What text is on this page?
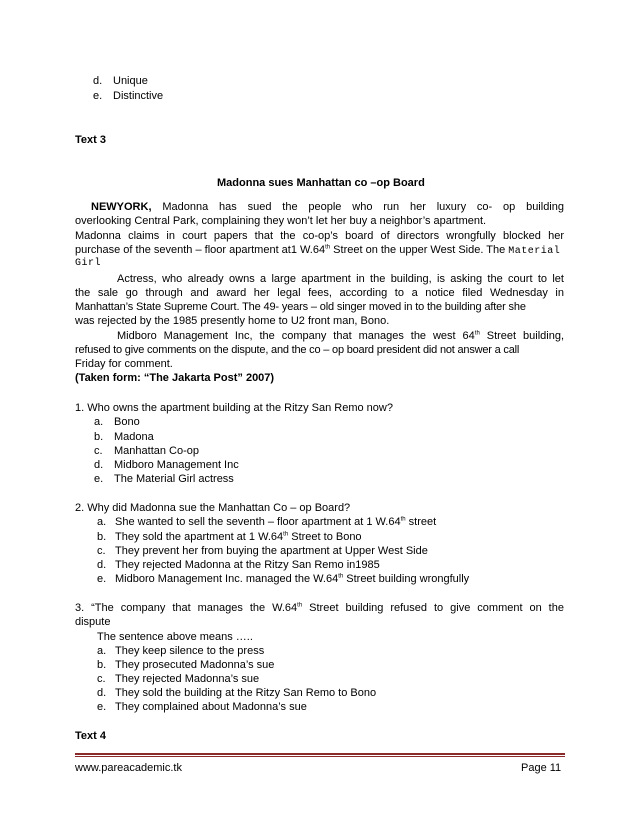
d. Unique
e. Distinctive
Text 3
Madonna sues Manhattan co –op Board
NEWYORK, Madonna has sued the people who run her luxury co- op building
overlooking Central Park, complaining they won’t let her buy a neighbor’s apartment.
Madonna claims in court papers that the co-op’s board of directors wrongfully blocked her
purchase of the seventh – floor apartment at1 W.64th Street on the upper West Side. The Material
Girl
Actress, who already owns a large apartment in the building, is asking the court to let
the sale go through and award her legal fees, according to a notice filed Wednesday in
Manhattan’s State Supreme Court. The 49- years – old singer moved in to the building after she
was rejected by the 1985 presently home to U2 front man, Bono.
Midboro Management Inc, the company that manages the west 64th Street building,
refused to give comments on the dispute, and the co – op board president did not answer a call
Friday for comment.
(Taken form: “The Jakarta Post” 2007)
1. Who owns the apartment building at the Ritzy San Remo now?
a. Bono
b. Madona
c. Manhattan Co-op
d. Midboro Management Inc
e. The Material Girl actress
2. Why did Madonna sue the Manhattan Co – op Board?
a. She wanted to sell the seventh – floor apartment at 1 W.64th street
b. They sold the apartment at 1 W.64th Street to Bono
c. They prevent her from buying the apartment at Upper West Side
d. They rejected Madonna at the Ritzy San Remo in1985
e. Midboro Management Inc. managed the W.64th Street building wrongfully
3. “The company that manages the W.64th Street building refused to give comment on the
dispute
The sentence above means …..
a. They keep silence to the press
b. They prosecuted Madonna’s sue
c. They rejected Madonna’s sue
d. They sold the building at the Ritzy San Remo to Bono
e. They complained about Madonna’s sue
Text 4
www.pareacademic.tk	Page 11
